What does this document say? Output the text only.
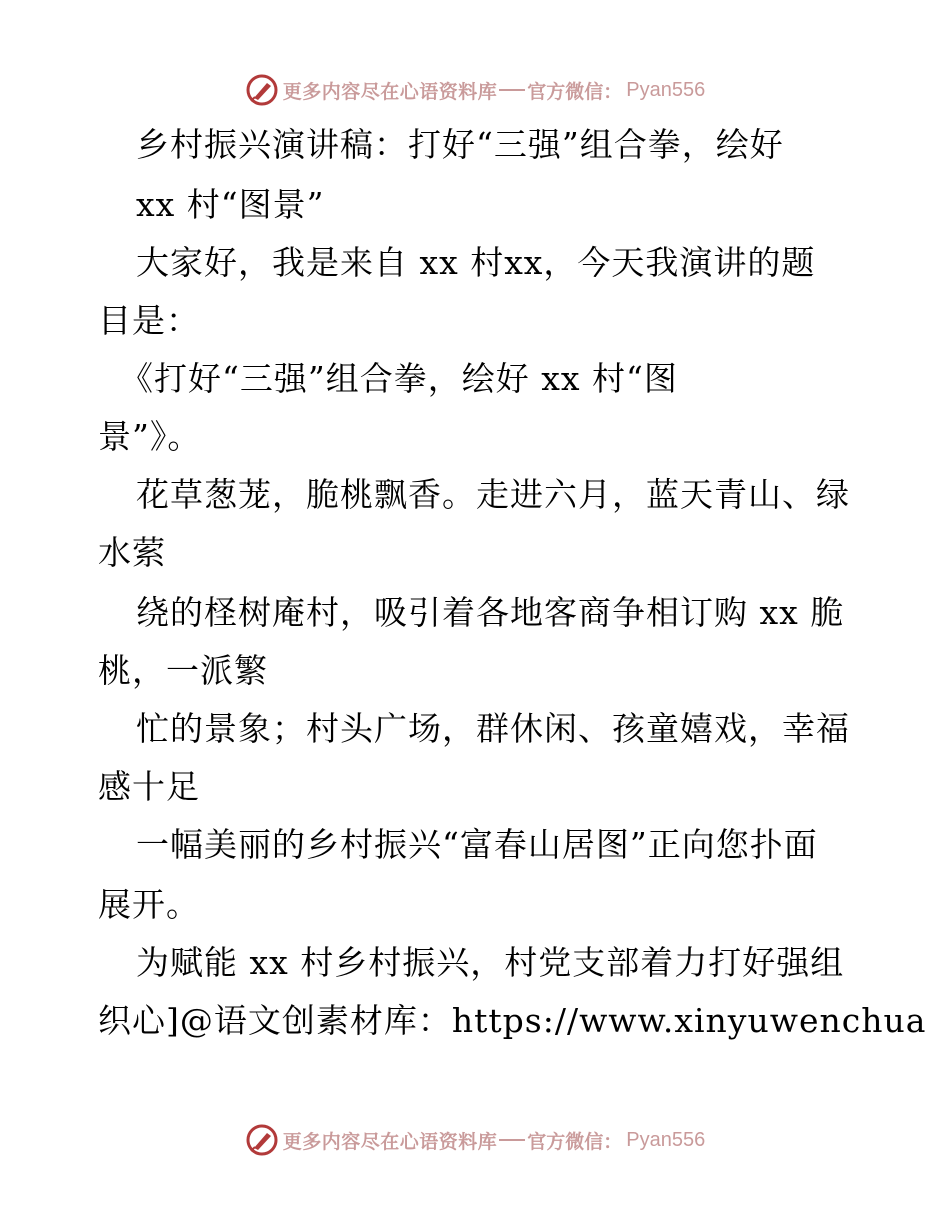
更多内容尽在心语资料库 官方微信： Pyan556
乡村振兴演讲稿：打好“三强”组合拳，绘好
xx 村“图景”
大家好，我是来自 xx 村xx，今天我演讲的题
目是：
《打好“三强”组合拳，绘好 xx 村“图
景”》。
花草葱茏，脆桃飘香。走进六月，蓝天青山、绿
水萦
绕的柽树庵村，吸引着各地客商争相订购 xx 脆
桃，一派繁
忙的景象；村头广场，群休闲、孩童嬉戏，幸福
感十足
一幅美丽的乡村振兴“富春山居图”正向您扑面
展开。
为赋能 xx 村乡村振兴，村党支部着力打好强组
织心]@语文创素材库：https://www.xinyuwenchua
更多内容尽在心语资料库 官方微信： Pyan556
